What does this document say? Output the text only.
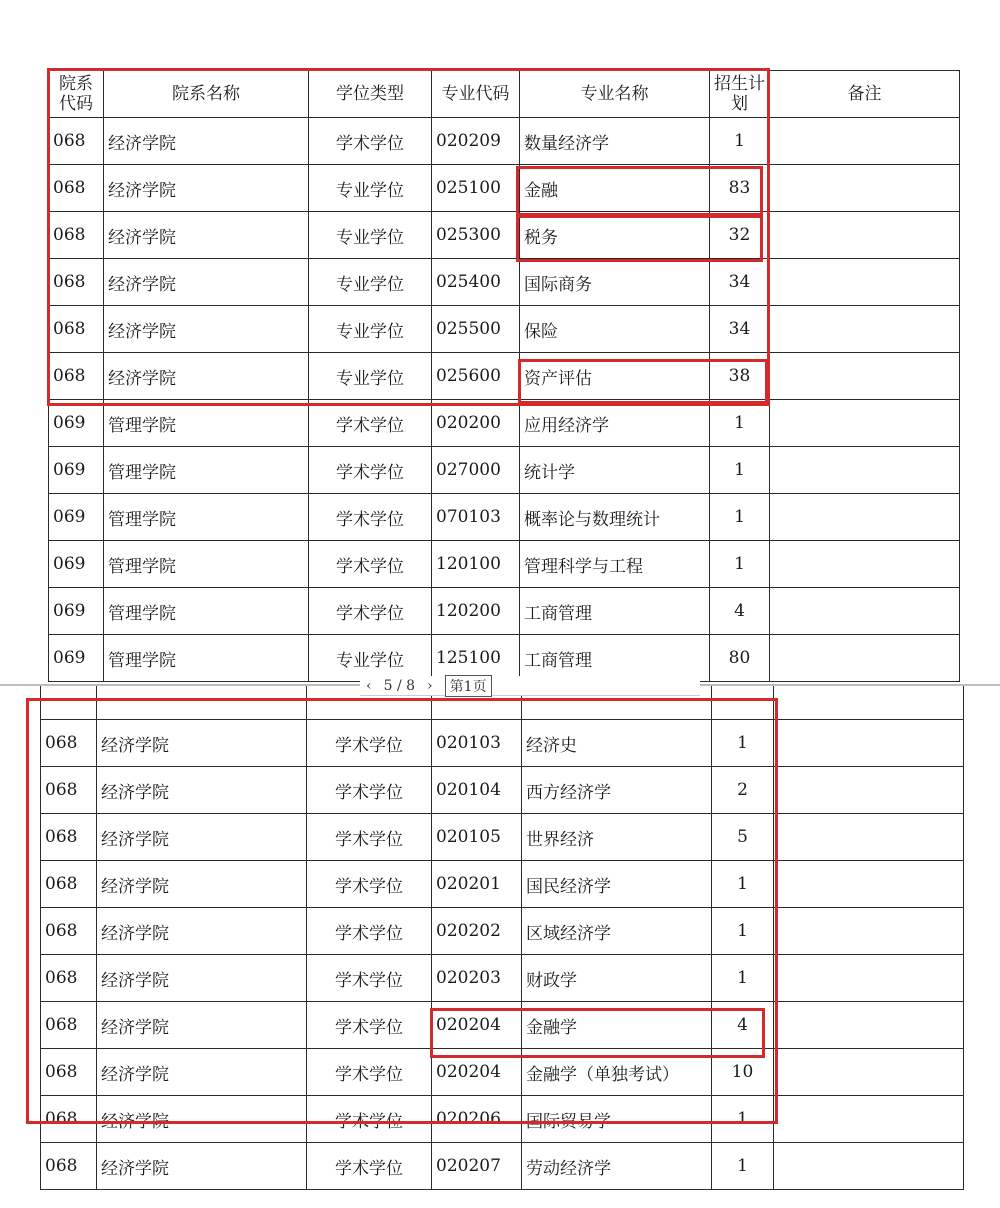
院系代码	院系名称	学位类型	专业代码	专业名称	招生计划	备注
068	经济学院	学术学位	020209	数量经济学	1	
068	经济学院	专业学位	025100	金融	83	
068	经济学院	专业学位	025300	税务	32	
068	经济学院	专业学位	025400	国际商务	34	
068	经济学院	专业学位	025500	保险	34	
068	经济学院	专业学位	025600	资产评估	38	
069	管理学院	学术学位	020200	应用经济学	1	
069	管理学院	学术学位	027000	统计学	1	
069	管理学院	学术学位	070103	概率论与数理统计	1	
069	管理学院	学术学位	120100	管理科学与工程	1	
069	管理学院	学术学位	120200	工商管理	4	
069	管理学院	专业学位	125100	工商管理	80	

068	经济学院	学术学位	020103	经济史	1	
068	经济学院	学术学位	020104	西方经济学	2	
068	经济学院	学术学位	020105	世界经济	5	
068	经济学院	学术学位	020201	国民经济学	1	
068	经济学院	学术学位	020202	区域经济学	1	
068	经济学院	学术学位	020203	财政学	1	
068	经济学院	学术学位	020204	金融学	4	
068	经济学院	学术学位	020204	金融学（单独考试）	10	
068	经济学院	学术学位	020206	国际贸易学	1	
068	经济学院	学术学位	020207	劳动经济学	1	
‹ 5 / 8 ›	第1页
